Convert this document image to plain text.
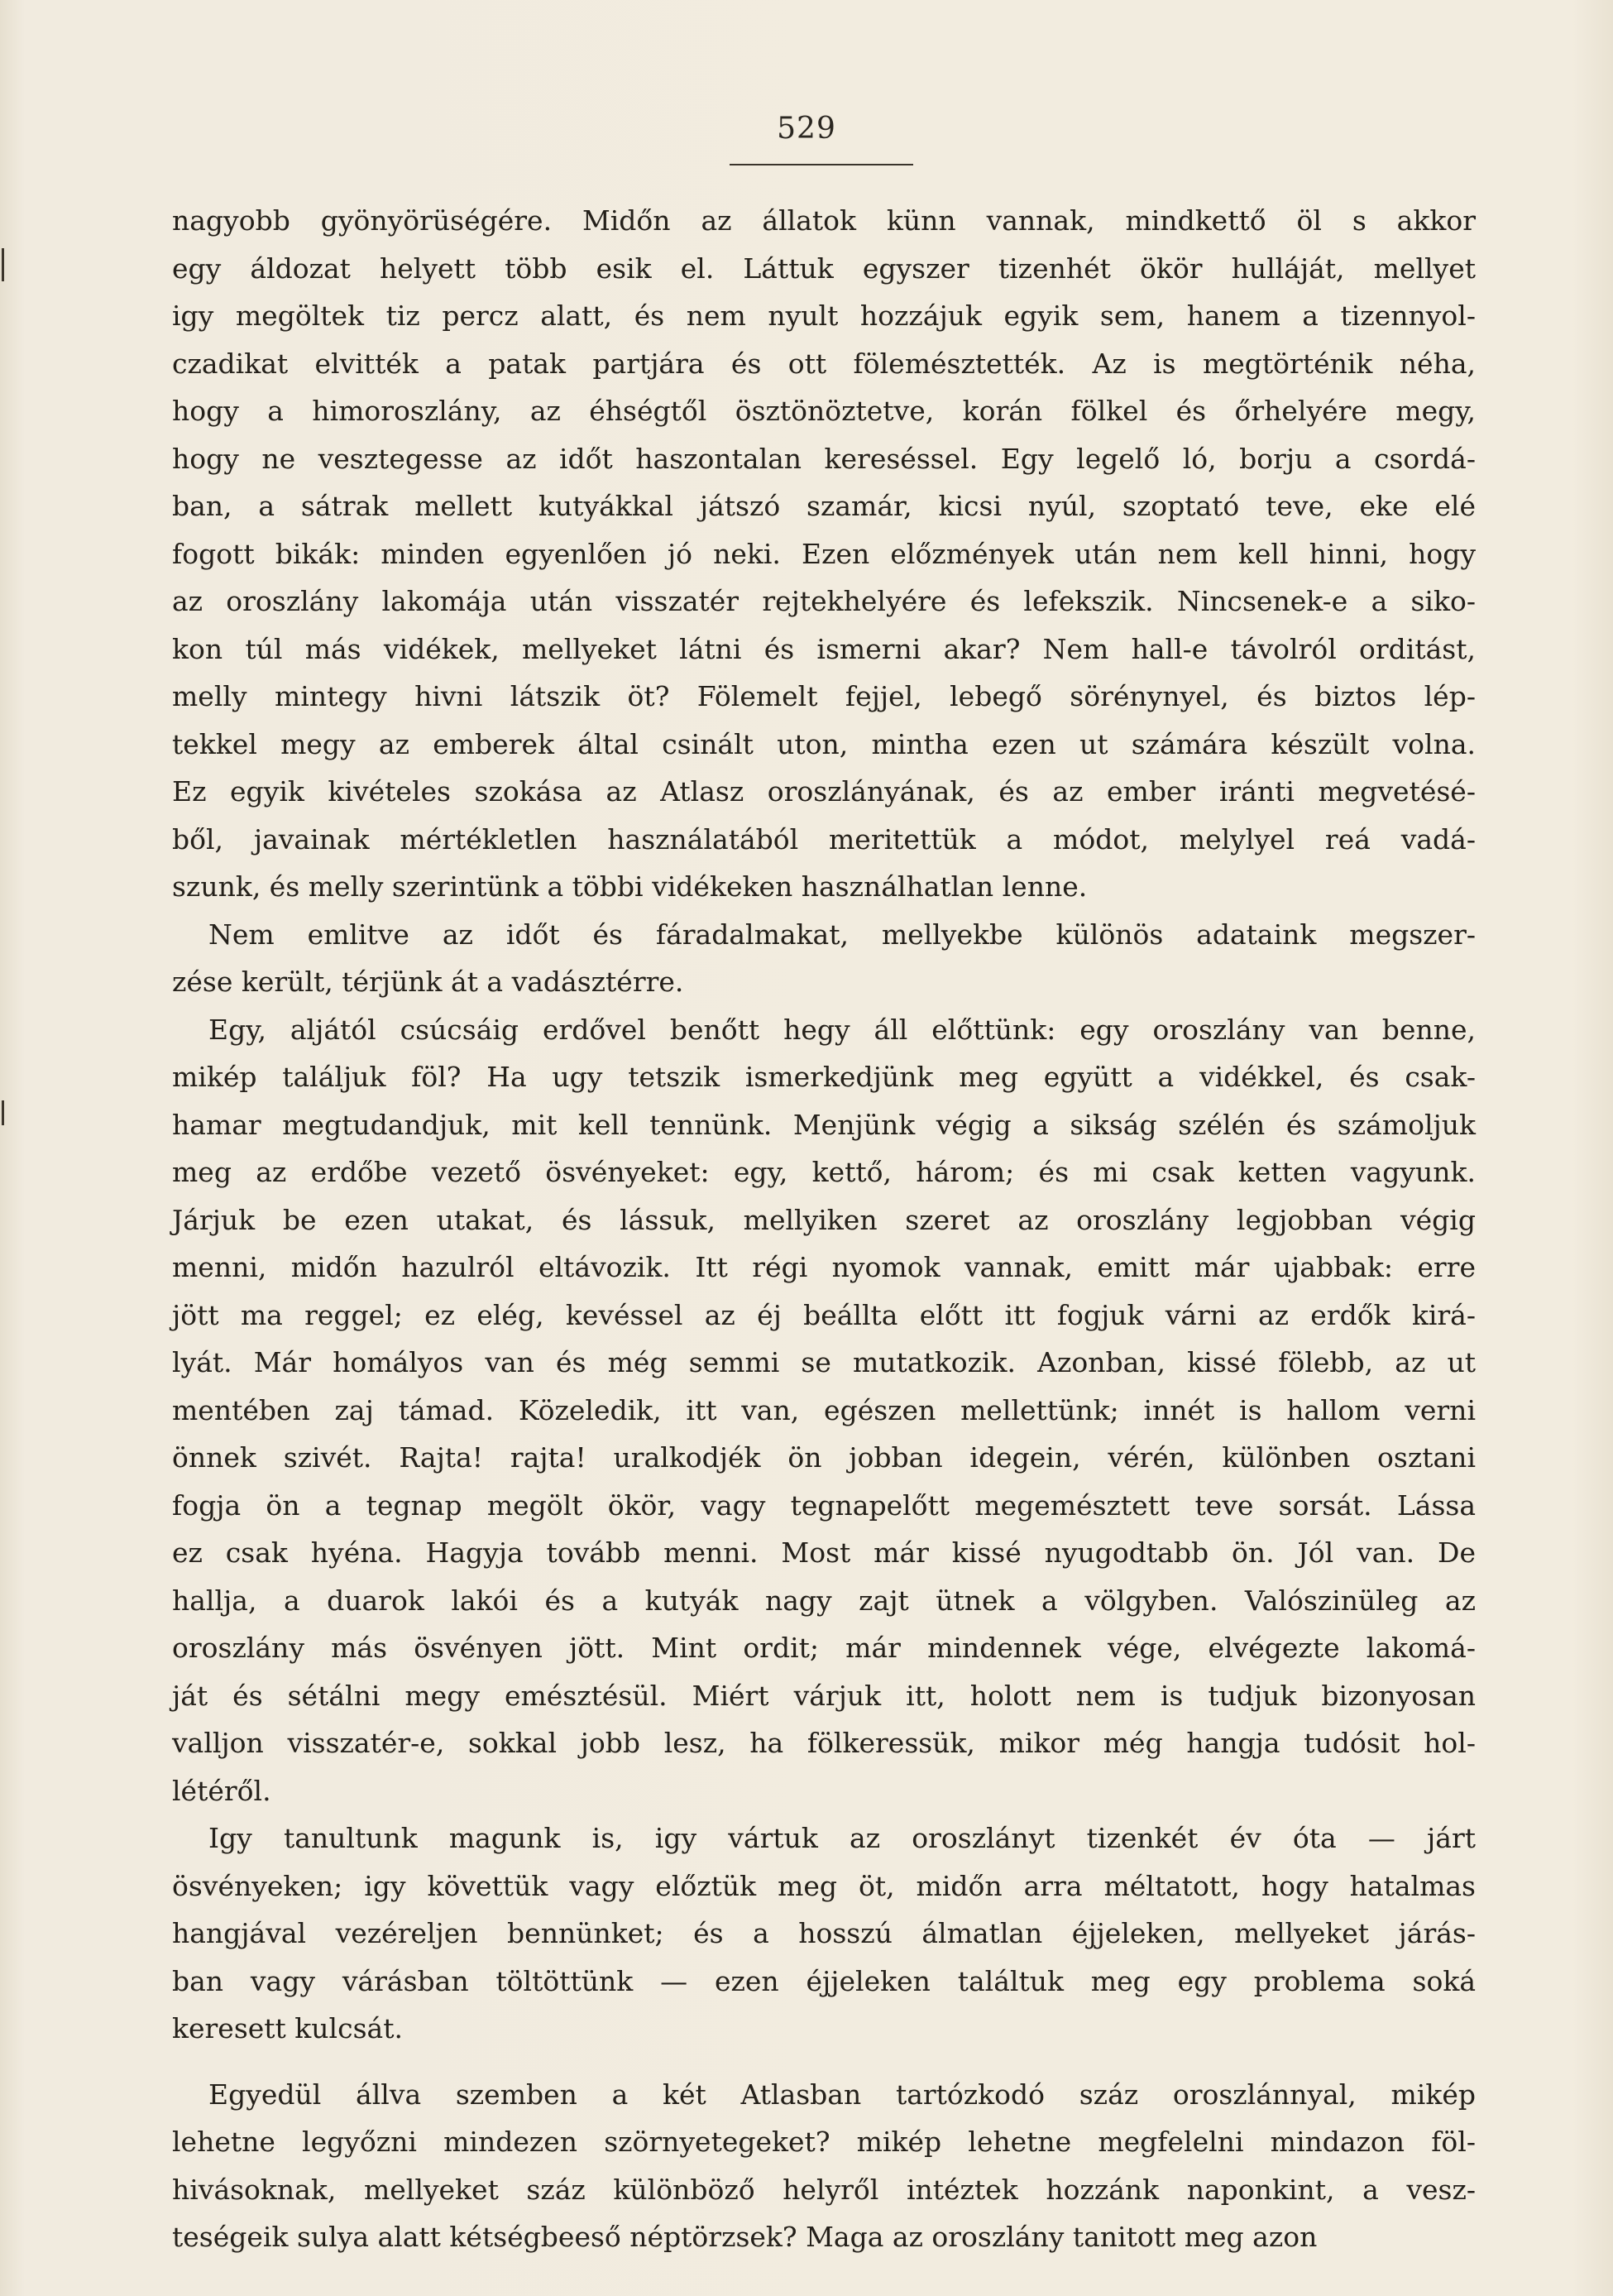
529
nagyobb gyönyörüségére. Midőn az állatok künn vannak, mindkettő öl s akkor
egy áldozat helyett több esik el. Láttuk egyszer tizenhét ökör hulláját, mellyet
igy megöltek tiz percz alatt, és nem nyult hozzájuk egyik sem, hanem a tizennyol-
czadikat elvitték a patak partjára és ott fölemésztették. Az is megtörténik néha,
hogy a himoroszlány, az éhségtől ösztönöztetve, korán fölkel és őrhelyére megy,
hogy ne vesztegesse az időt haszontalan kereséssel. Egy legelő ló, borju a csordá-
ban, a sátrak mellett kutyákkal játszó szamár, kicsi nyúl, szoptató teve, eke elé
fogott bikák: minden egyenlően jó neki. Ezen előzmények után nem kell hinni, hogy
az oroszlány lakomája után visszatér rejtekhelyére és lefekszik. Nincsenek-e a siko-
kon túl más vidékek, mellyeket látni és ismerni akar? Nem hall-e távolról orditást,
melly mintegy hivni látszik öt? Fölemelt fejjel, lebegő sörénynyel, és biztos lép-
tekkel megy az emberek által csinált uton, mintha ezen ut számára készült volna.
Ez egyik kivételes szokása az Atlasz oroszlányának, és az ember iránti megvetésé-
ből, javainak mértékletlen használatából meritettük a módot, melylyel reá vadá-
szunk, és melly szerintünk a többi vidékeken használhatlan lenne.
Nem emlitve az időt és fáradalmakat, mellyekbe különös adataink megszer-
zése került, térjünk át a vadásztérre.
Egy, aljától csúcsáig erdővel benőtt hegy áll előttünk: egy oroszlány van benne,
mikép találjuk föl? Ha ugy tetszik ismerkedjünk meg együtt a vidékkel, és csak-
hamar megtudandjuk, mit kell tennünk. Menjünk végig a sikság szélén és számoljuk
meg az erdőbe vezető ösvényeket: egy, kettő, három; és mi csak ketten vagyunk.
Járjuk be ezen utakat, és lássuk, mellyiken szeret az oroszlány legjobban végig
menni, midőn hazulról eltávozik. Itt régi nyomok vannak, emitt már ujabbak: erre
jött ma reggel; ez elég, kevéssel az éj beállta előtt itt fogjuk várni az erdők kirá-
lyát. Már homályos van és még semmi se mutatkozik. Azonban, kissé fölebb, az ut
mentében zaj támad. Közeledik, itt van, egészen mellettünk; innét is hallom verni
önnek szivét. Rajta! rajta! uralkodjék ön jobban idegein, vérén, különben osztani
fogja ön a tegnap megölt ökör, vagy tegnapelőtt megemésztett teve sorsát. Lássa
ez csak hyéna. Hagyja tovább menni. Most már kissé nyugodtabb ön. Jól van. De
hallja, a duarok lakói és a kutyák nagy zajt ütnek a völgyben. Valószinüleg az
oroszlány más ösvényen jött. Mint ordit; már mindennek vége, elvégezte lakomá-
ját és sétálni megy emésztésül. Miért várjuk itt, holott nem is tudjuk bizonyosan
valljon visszatér-e, sokkal jobb lesz, ha fölkeressük, mikor még hangja tudósit hol-
létéről.
Igy tanultunk magunk is, igy vártuk az oroszlányt tizenkét év óta — járt
ösvényeken; igy követtük vagy előztük meg öt, midőn arra méltatott, hogy hatalmas
hangjával vezéreljen bennünket; és a hosszú álmatlan éjjeleken, mellyeket járás-
ban vagy várásban töltöttünk — ezen éjjeleken találtuk meg egy problema soká
keresett kulcsát.
Egyedül állva szemben a két Atlasban tartózkodó száz oroszlánnyal, mikép
lehetne legyőzni mindezen szörnyetegeket? mikép lehetne megfelelni mindazon föl-
hivásoknak, mellyeket száz különböző helyről intéztek hozzánk naponkint, a vesz-
teségeik sulya alatt kétségbeeső néptörzsek? Maga az oroszlány tanitott meg azon
